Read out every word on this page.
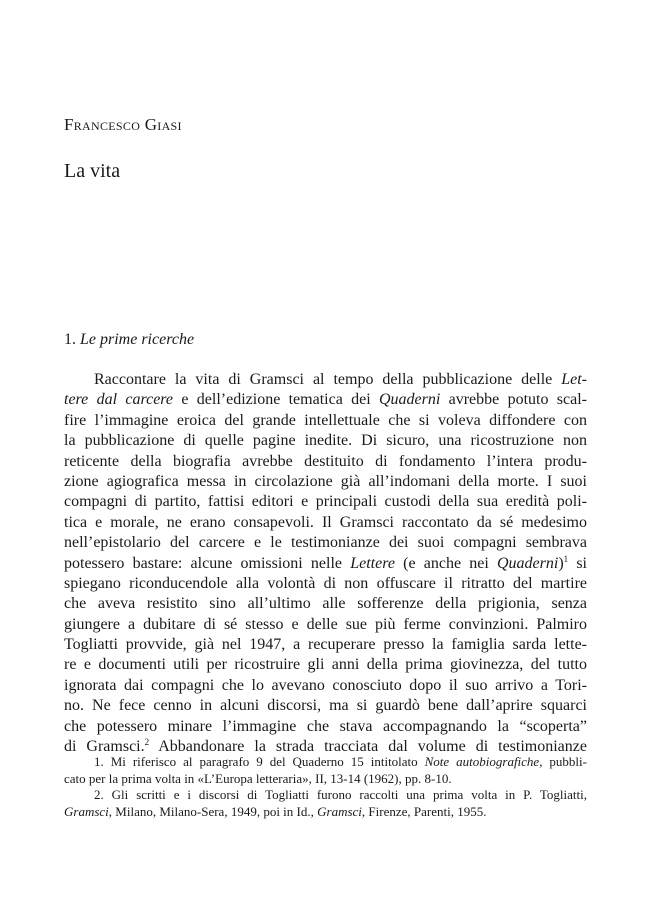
Francesco Giasi
La vita
1. Le prime ricerche
Raccontare la vita di Gramsci al tempo della pubblicazione delle Let-
tere dal carcere e dell’edizione tematica dei Quaderni avrebbe potuto scal-
fire l’immagine eroica del grande intellettuale che si voleva diffondere con
la pubblicazione di quelle pagine inedite. Di sicuro, una ricostruzione non
reticente della biografia avrebbe destituito di fondamento l’intera produ-
zione agiografica messa in circolazione già all’indomani della morte. I suoi
compagni di partito, fattisi editori e principali custodi della sua eredità poli-
tica e morale, ne erano consapevoli. Il Gramsci raccontato da sé medesimo
nell’epistolario del carcere e le testimonianze dei suoi compagni sembrava
potessero bastare: alcune omissioni nelle Lettere (e anche nei Quaderni)$^1$ si
spiegano riconducendole alla volontà di non offuscare il ritratto del martire
che aveva resistito sino all’ultimo alle sofferenze della prigionia, senza
giungere a dubitare di sé stesso e delle sue più ferme convinzioni. Palmiro
Togliatti provvide, già nel 1947, a recuperare presso la famiglia sarda lette-
re e documenti utili per ricostruire gli anni della prima giovinezza, del tutto
ignorata dai compagni che lo avevano conosciuto dopo il suo arrivo a Tori-
no. Ne fece cenno in alcuni discorsi, ma si guardò bene dall’aprire squarci
che potessero minare l’immagine che stava accompagnando la “scoperta”
di Gramsci.$^2$ Abbandonare la strada tracciata dal volume di testimonianze
1. Mi riferisco al paragrafo 9 del Quaderno 15 intitolato Note autobiografiche, pubbli-
cato per la prima volta in «L’Europa letteraria», II, 13-14 (1962), pp. 8-10.
2. Gli scritti e i discorsi di Togliatti furono raccolti una prima volta in P. Togliatti,
Gramsci, Milano, Milano-Sera, 1949, poi in Id., Gramsci, Firenze, Parenti, 1955.
